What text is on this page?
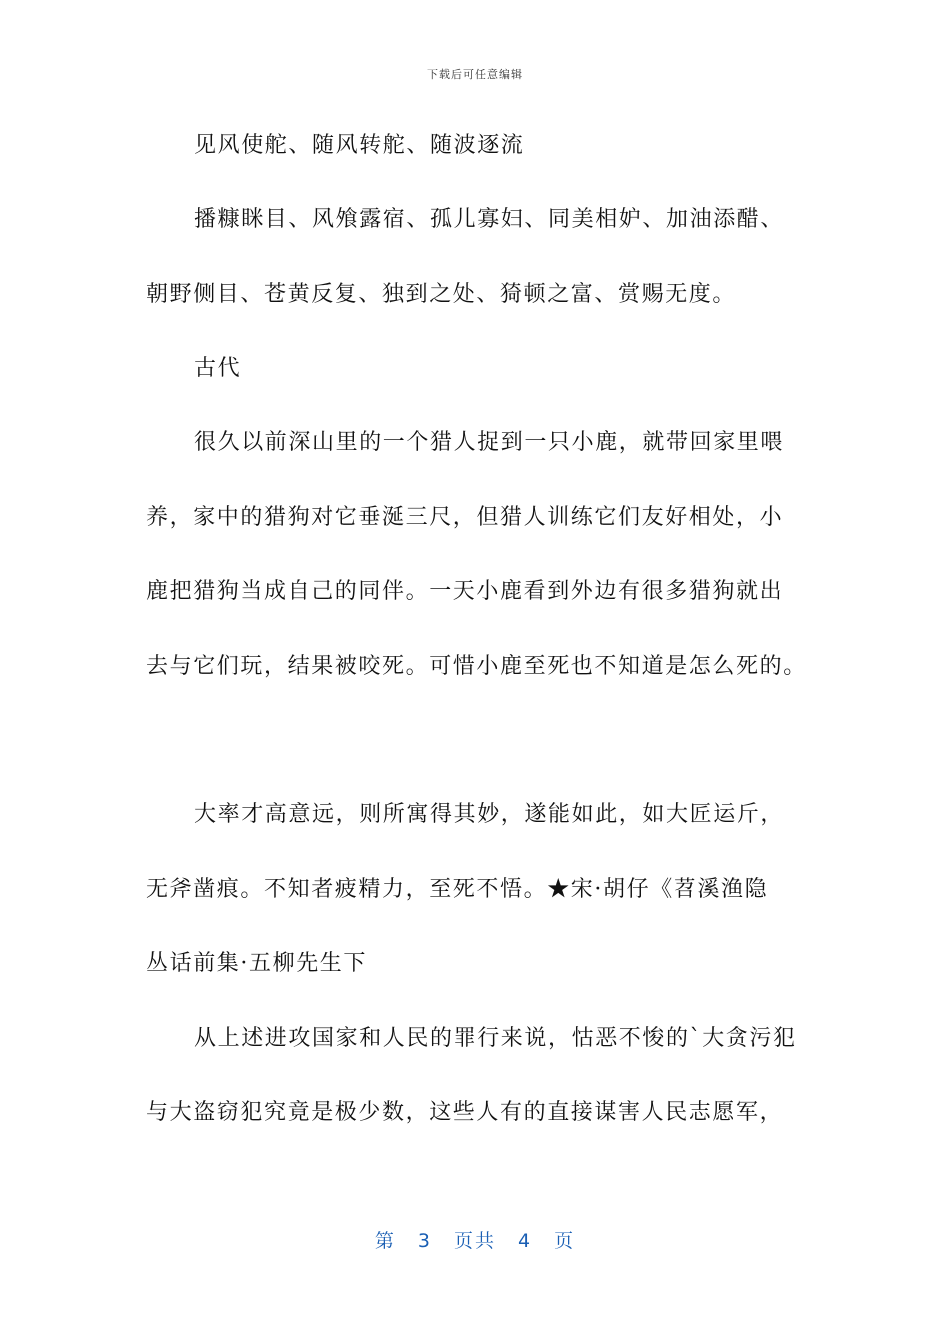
下载后可任意编辑
见风使舵、随风转舵、随波逐流
播糠眯目、风飧露宿、孤儿寡妇、同美相妒、加油添醋、
朝野侧目、苍黄反复、独到之处、猗顿之富、赏赐无度。
古代
很久以前深山里的一个猎人捉到一只小鹿，就带回家里喂
养，家中的猎狗对它垂涎三尺，但猎人训练它们友好相处，小
鹿把猎狗当成自己的同伴。一天小鹿看到外边有很多猎狗就出
去与它们玩，结果被咬死。可惜小鹿至死也不知道是怎么死的。
大率才高意远，则所寓得其妙，遂能如此，如大匠运斤，
无斧凿痕。不知者疲精力，至死不悟。★宋·胡仔《苕溪渔隐
丛话前集·五柳先生下
从上述进攻国家和人民的罪行来说，怙恶不悛的`大贪污犯
与大盗窃犯究竟是极少数，这些人有的直接谋害人民志愿军，
第 3 页共 4 页
